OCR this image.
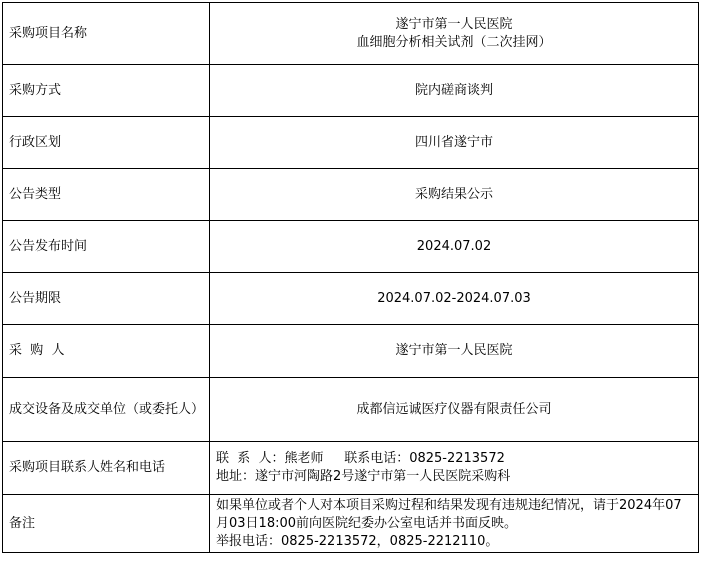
采购项目名称	遂宁市第一人民医院
血细胞分析相关试剂（二次挂网）

采购方式	院内磋商谈判
行政区划	四川省遂宁市
公告类型	采购结果公示
公告发布时间	2024.07.02
公告期限	2024.07.02-2024.07.03
采  购  人	遂宁市第一人民医院
成交设备及成交单位（或委托人）	成都信远诚医疗仪器有限责任公司
采购项目联系人姓名和电话	联  系  人：熊老师     联系电话：0825-2213572
地址：遂宁市河陶路2号遂宁市第一人民医院采购科

备注	如果单位或者个人对本项目采购过程和结果发现有违规违纪情况，请于2024年07月03日18:00前向医院纪委办公室电话并书面反映。
举报电话：0825-2213572，0825-2212110。
